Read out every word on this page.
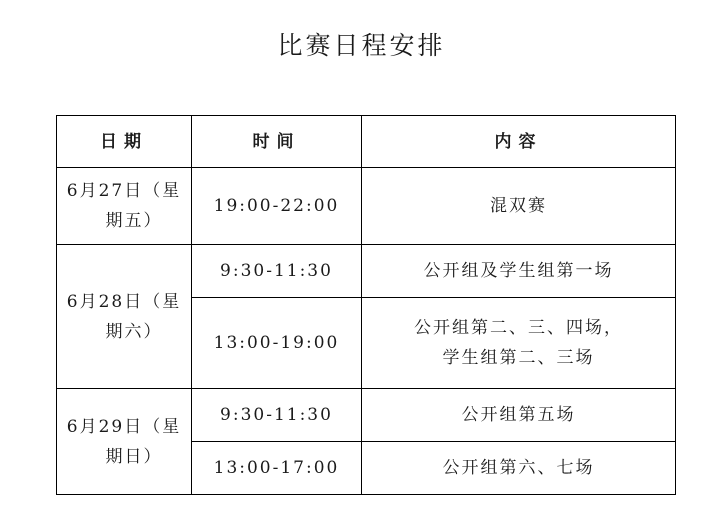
比赛日程安排
日期	时间	内容
6月27日（星
期五）	19:00-22:00	混双赛
6月28日（星
期六）	9:30-11:30	公开组及学生组第一场
	13:00-19:00	公开组第二、三、四场，
学生组第二、三场

6月29日（星
期日）	9:30-11:30	公开组第五场
	13:00-17:00	公开组第六、七场
